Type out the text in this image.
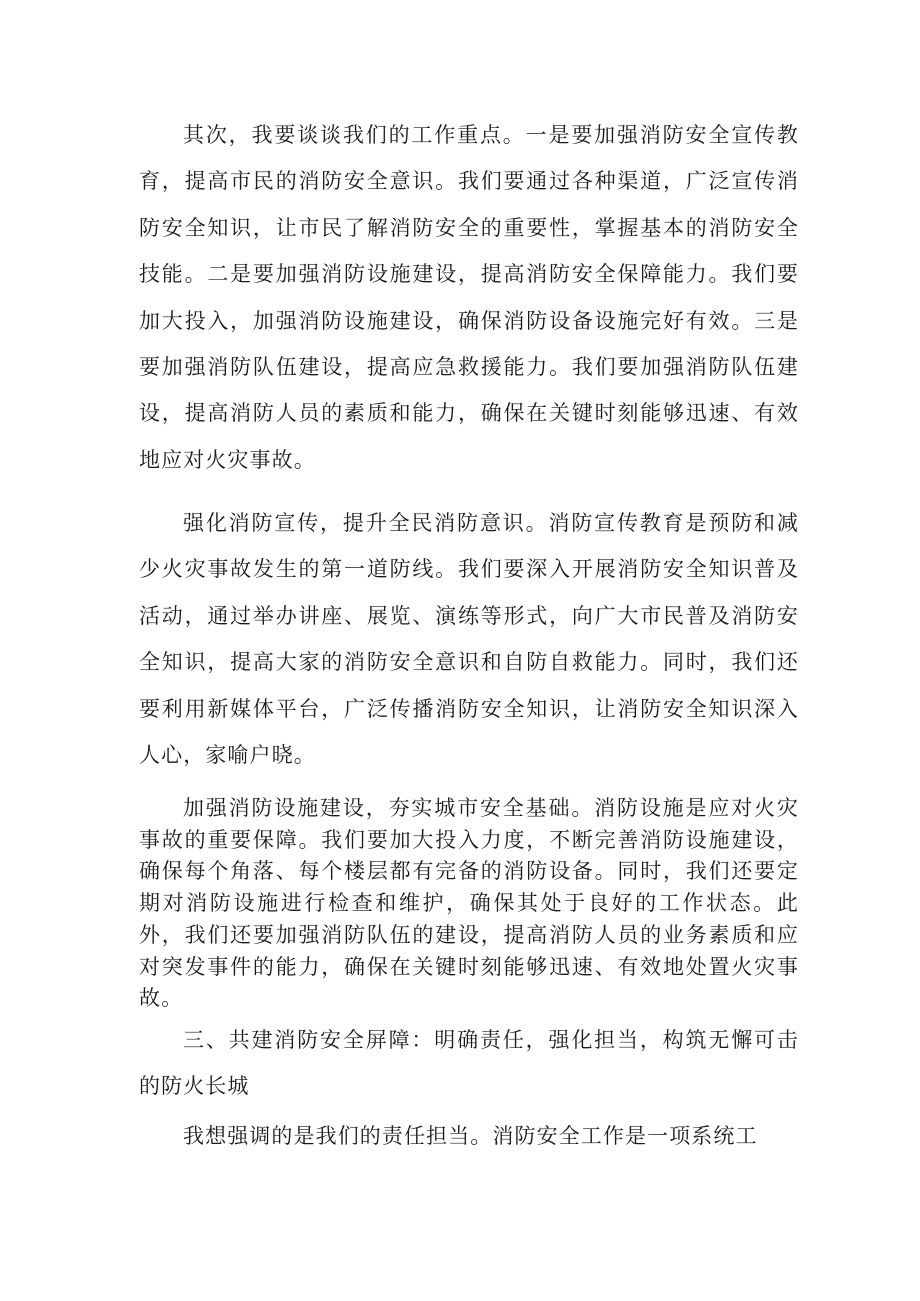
其次，我要谈谈我们的工作重点。一是要加强消防安全宣传教育，提高市民的消防安全意识。我们要通过各种渠道，广泛宣传消防安全知识，让市民了解消防安全的重要性，掌握基本的消防安全技能。二是要加强消防设施建设，提高消防安全保障能力。我们要加大投入，加强消防设施建设，确保消防设备设施完好有效。三是要加强消防队伍建设，提高应急救援能力。我们要加强消防队伍建设，提高消防人员的素质和能力，确保在关键时刻能够迅速、有效地应对火灾事故。

强化消防宣传，提升全民消防意识。消防宣传教育是预防和减少火灾事故发生的第一道防线。我们要深入开展消防安全知识普及活动，通过举办讲座、展览、演练等形式，向广大市民普及消防安全知识，提高大家的消防安全意识和自防自救能力。同时，我们还要利用新媒体平台，广泛传播消防安全知识，让消防安全知识深入人心，家喻户晓。

加强消防设施建设，夯实城市安全基础。消防设施是应对火灾事故的重要保障。我们要加大投入力度，不断完善消防设施建设，确保每个角落、每个楼层都有完备的消防设备。同时，我们还要定期对消防设施进行检查和维护，确保其处于良好的工作状态。此外，我们还要加强消防队伍的建设，提高消防人员的业务素质和应对突发事件的能力，确保在关键时刻能够迅速、有效地处置火灾事故。

三、共建消防安全屏障：明确责任，强化担当，构筑无懈可击的防火长城

我想强调的是我们的责任担当。消防安全工作是一项系统工
